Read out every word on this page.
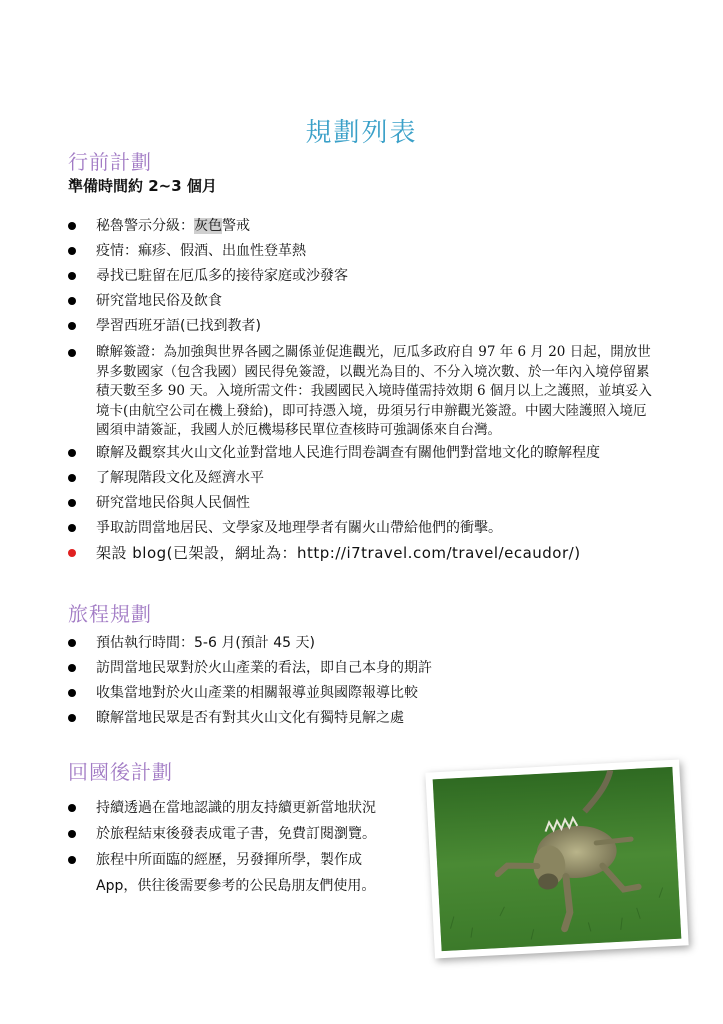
規劃列表
行前計劃
準備時間約 2~3 個月
秘魯警示分級：灰色警戒
疫情：痲疹、假酒、出血性登革熱
尋找已駐留在厄瓜多的接待家庭或沙發客
研究當地民俗及飲食
學習西班牙語(已找到教者)
瞭解簽證：為加強與世界各國之關係並促進觀光，厄瓜多政府自 97 年 6 月 20 日起，開放世界多數國家（包含我國）國民得免簽證，以觀光為目的、不分入境次數、於一年內入境停留累積天數至多 90 天。入境所需文件：我國國民入境時僅需持效期 6 個月以上之護照，並填妥入境卡(由航空公司在機上發給)，即可持憑入境，毋須另行申辦觀光簽證。中國大陸護照入境厄國須申請簽証，我國人於厄機場移民單位查核時可強調係來自台灣。
瞭解及觀察其火山文化並對當地人民進行問卷調查有關他們對當地文化的瞭解程度
了解現階段文化及經濟水平
研究當地民俗與人民個性
爭取訪問當地居民、文學家及地理學者有關火山帶給他們的衝擊。
架設 blog(已架設，網址為：http://i7travel.com/travel/ecaudor/)
旅程規劃
預估執行時間：5-6 月(預計 45 天)
訪問當地民眾對於火山產業的看法，即自己本身的期許
收集當地對於火山產業的相關報導並與國際報導比較
瞭解當地民眾是否有對其火山文化有獨特見解之處
回國後計劃
持續透過在當地認識的朋友持續更新當地狀況
於旅程結束後發表成電子書，免費訂閱瀏覽。
旅程中所面臨的經歷，另發揮所學，製作成
App，供往後需要參考的公民島朋友們使用。
